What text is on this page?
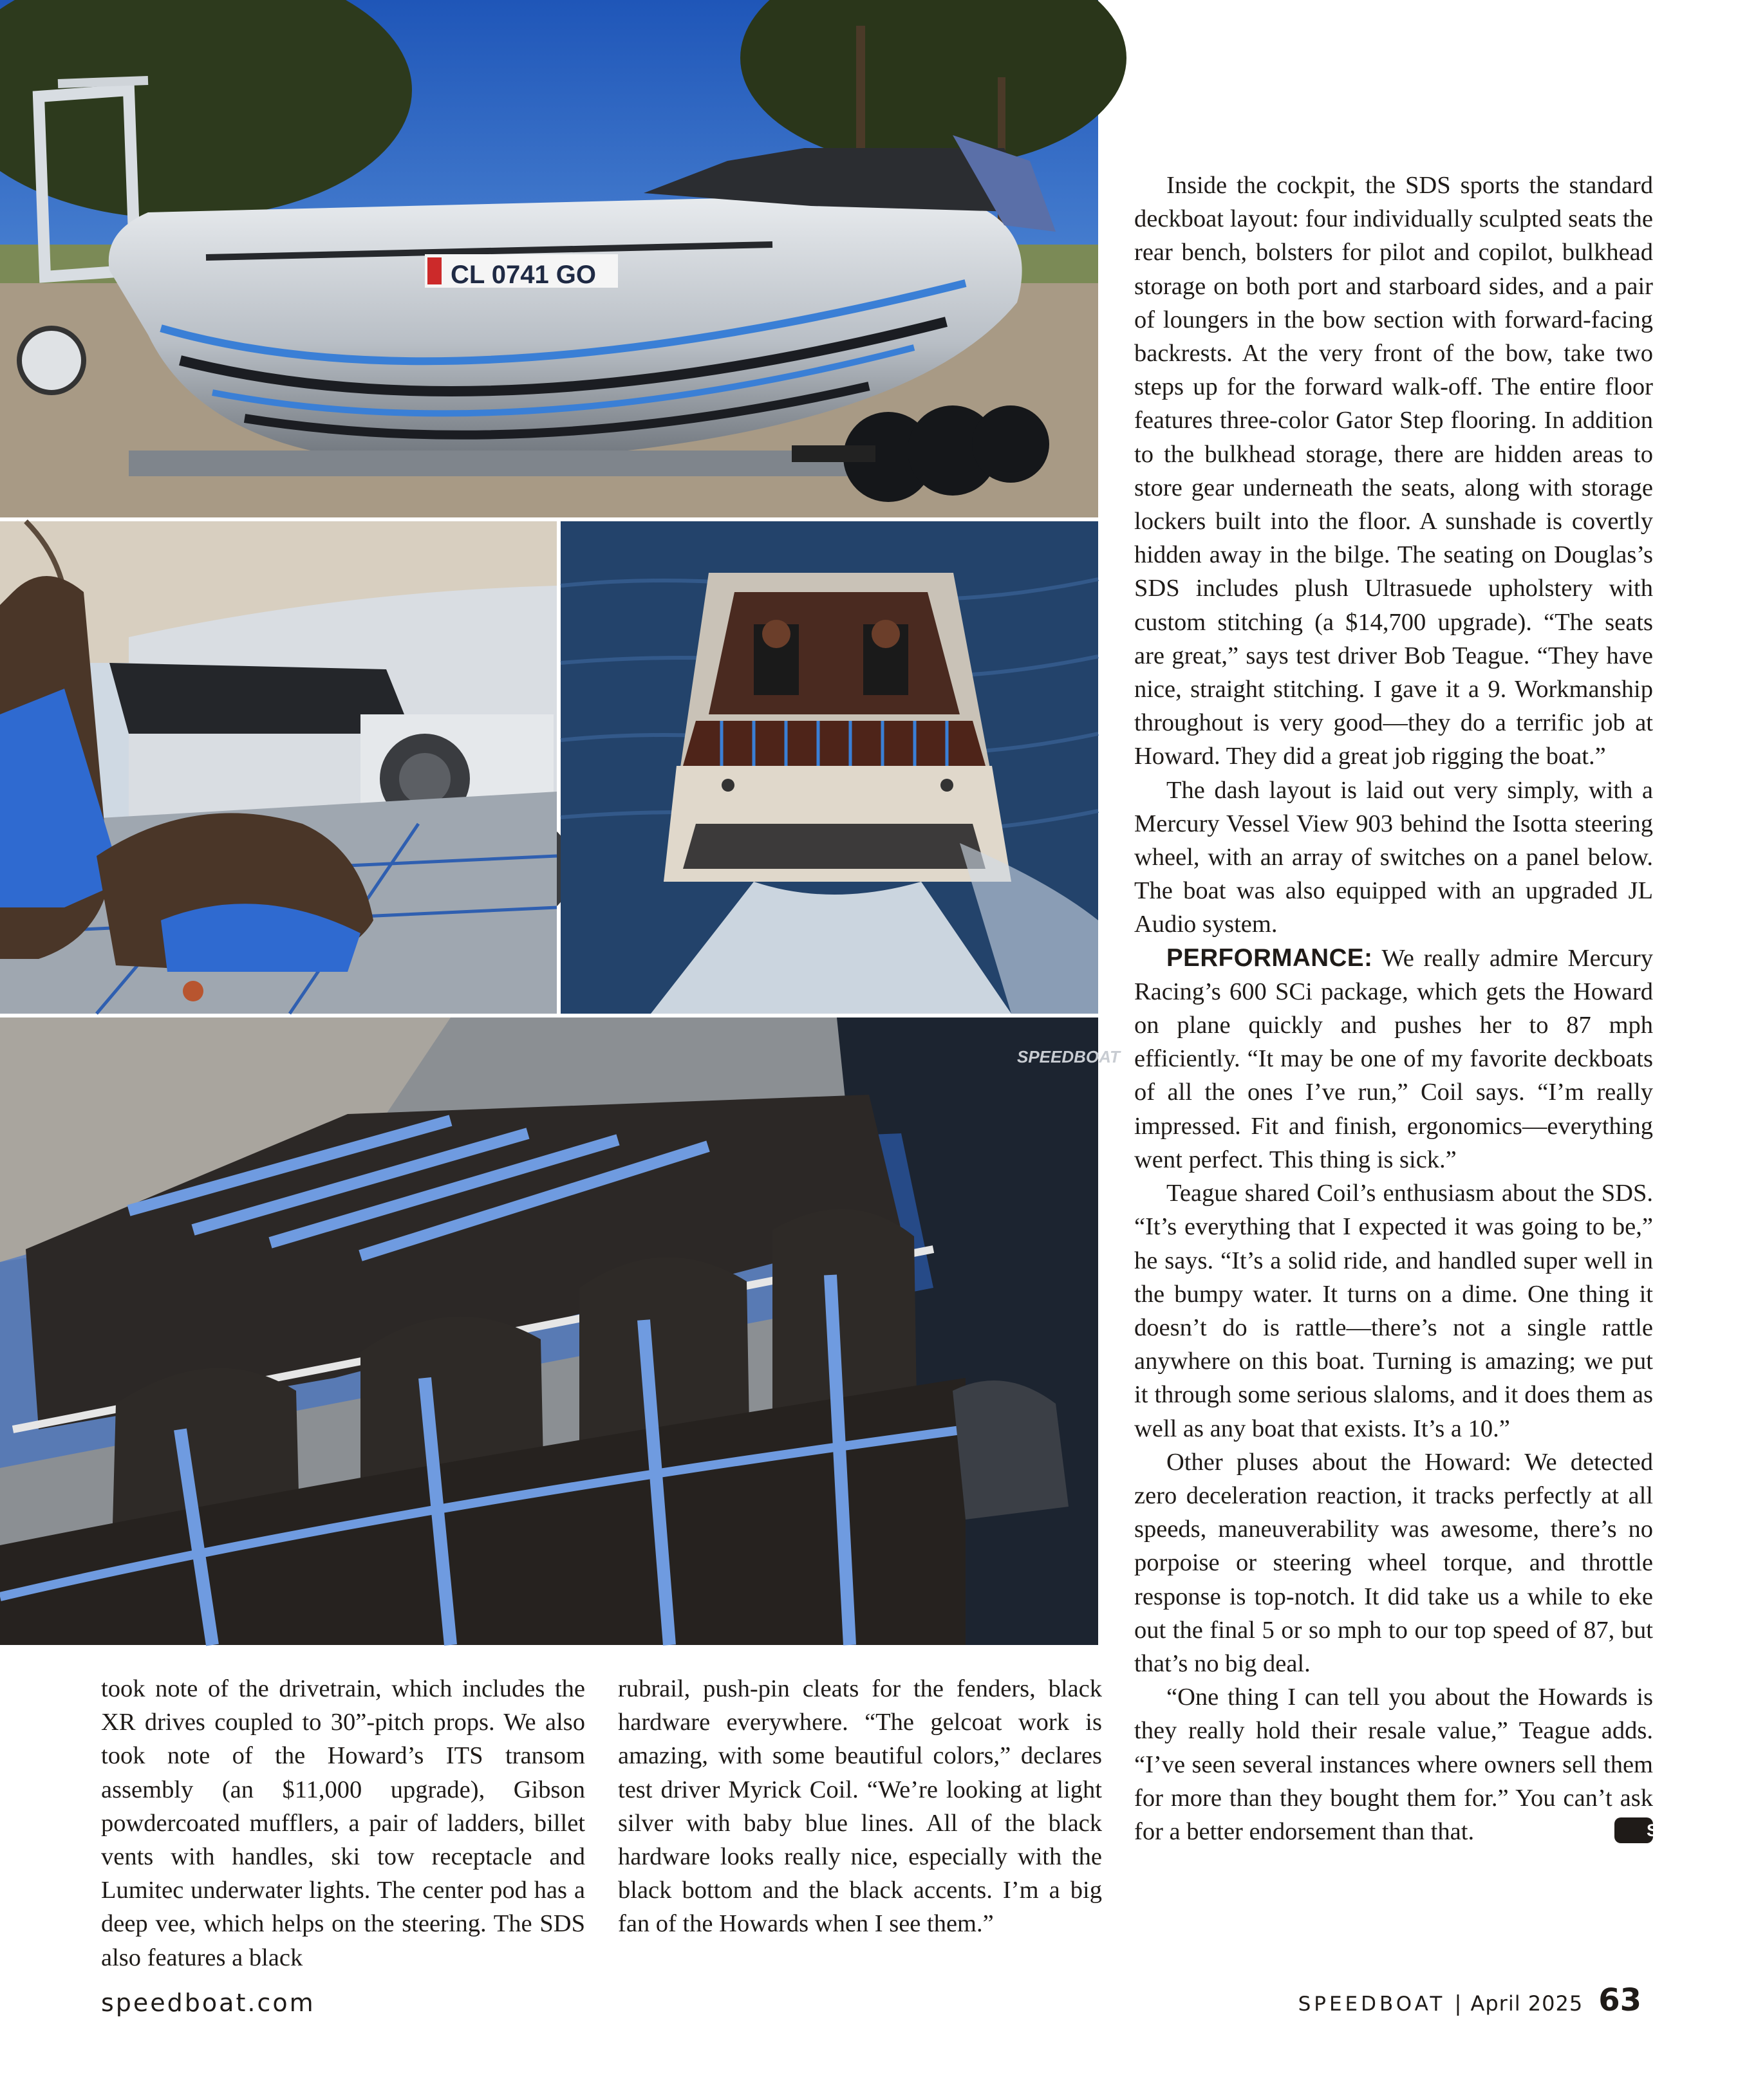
CL 0741 GO
SPEEDBOAT

Inside the cockpit, the SDS sports the standard deckboat layout: four individually sculpted seats the rear bench, bolsters for pilot and copilot, bulkhead storage on both port and starboard sides, and a pair of loungers in the bow section with forward-facing backrests. At the very front of the bow, take two steps up for the forward walk-off. The entire floor features three-color Gator Step flooring. In addition to the bulkhead storage, there are hidden areas to store gear underneath the seats, along with storage lockers built into the floor. A sunshade is covertly hidden away in the bilge. The seating on Douglas’s SDS includes plush Ultrasuede upholstery with custom stitching (a $14,700 upgrade). “The seats are great,” says test driver Bob Teague. “They have nice, straight stitching. I gave it a 9. Workmanship throughout is very good—they do a terrific job at Howard. They did a great job rigging the boat.”

The dash layout is laid out very simply, with a Mercury Vessel View 903 behind the Isotta steering wheel, with an array of switches on a panel below. The boat was also equipped with an upgraded JL Audio system.

PERFORMANCE: We really admire Mercury Racing’s 600 SCi package, which gets the Howard on plane quickly and pushes her to 87 mph efficiently. “It may be one of my favorite deckboats of all the ones I’ve run,” Coil says. “I’m really impressed. Fit and finish, ergonomics—everything went perfect. This thing is sick.”

Teague shared Coil’s enthusiasm about the SDS. “It’s everything that I expected it was going to be,” he says. “It’s a solid ride, and handled super well in the bumpy water. It turns on a dime. One thing it doesn’t do is rattle—there’s not a single rattle anywhere on this boat. Turning is amazing; we put it through some serious slaloms, and it does them as well as any boat that exists. It’s a 10.”

Other pluses about the Howard: We detected zero deceleration reaction, it tracks perfectly at all speeds, maneuverability was awesome, there’s no porpoise or steering wheel torque, and throttle response is top-notch. It did take us a while to eke out the final 5 or so mph to our top speed of 87, but that’s no big deal.

“One thing I can tell you about the Howards is they really hold their resale value,” Teague adds. “I’ve seen several instances where owners sell them for more than they bought them for.” You can’t ask for a better endorsement than that.	SB

took note of the drivetrain, which includes the XR drives coupled to 30”-pitch props. We also took note of the Howard’s ITS transom assembly (an $11,000 upgrade), Gibson powdercoated mufflers, a pair of ladders, billet vents with handles, ski tow receptacle and Lumitec underwater lights. The center pod has a deep vee, which helps on the steering. The SDS also features a black

rubrail, push-pin cleats for the fenders, black hardware everywhere. “The gelcoat work is amazing, with some beautiful colors,” declares test driver Myrick Coil. “We’re looking at light silver with baby blue lines. All of the black hardware looks really nice, especially with the black bottom and the black accents. I’m a big fan of the Howards when I see them.”

speedboat.com	SPEEDBOAT | April 2025 63
